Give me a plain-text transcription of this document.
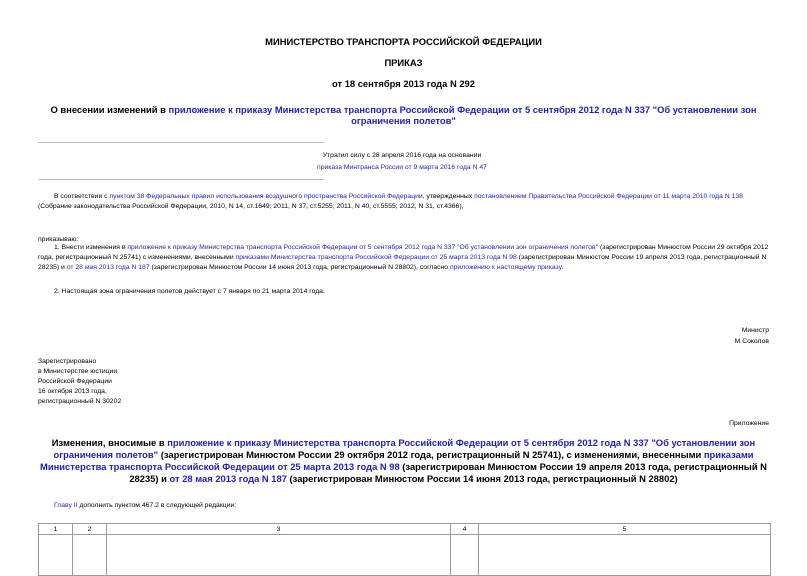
МИНИСТЕРСТВО ТРАНСПОРТА РОССИЙСКОЙ ФЕДЕРАЦИИ
ПРИКАЗ
от 18 сентября 2013 года N 292
О внесении изменений в приложение к приказу Министерства транспорта Российской Федерации от 5 сентября 2012 года N 337 "Об установлении зон ограничения полетов"
Утратил силу с 28 апреля 2016 года на основании
приказа Минтранса России от 9 марта 2016 года N 47
В соответствии с пунктом 38 Федеральных правил использования воздушного пространства Российской Федерации, утвержденных постановлением Правительства Российской Федерации от 11 марта 2010 года N 138 (Собрание законодательства Российской Федерации, 2010, N 14, ст.1649; 2011, N 37, ст.5255; 2011, N 40, ст.5555; 2012, N 31, ст.4366),
приказываю:
1. Внести изменения в приложение к приказу Министерства транспорта Российской Федерации от 5 сентября 2012 года N 337 "Об установлении зон ограничения полетов" (зарегистрирован Минюстом России 29 октября 2012 года, регистрационный N 25741) с изменениями, внесенными приказами Министерства транспорта Российской Федерации от 25 марта 2013 года N 98 (зарегистрирован Минюстом России 19 апреля 2013 года, регистрационный N 28235) и от 28 мая 2013 года N 187 (зарегистрирован Минюстом России 14 июня 2013 года, регистрационный N 28802), согласно приложению к настоящему приказу.
2. Настоящая зона ограничения полетов действует с 7 января по 21 марта 2014 года.
Министр
М.Соколов
Зарегистрировано
в Министерстве юстиции
Российской Федерации
16 октября 2013 года,
регистрационный N 30202
Приложение
Изменения, вносимые в приложение к приказу Министерства транспорта Российской Федерации от 5 сентября 2012 года N 337 "Об установлении зон ограничения полетов" (зарегистрирован Минюстом России 29 октября 2012 года, регистрационный N 25741), с изменениями, внесенными приказами Министерства транспорта Российской Федерации от 25 марта 2013 года N 98 (зарегистрирован Минюстом России 19 апреля 2013 года, регистрационный N 28235) и от 28 мая 2013 года N 187 (зарегистрирован Минюстом России 14 июня 2013 года, регистрационный N 28802)
Главу II дополнить пунктом 467.2 в следующей редакции:
1	2	3	4	5
